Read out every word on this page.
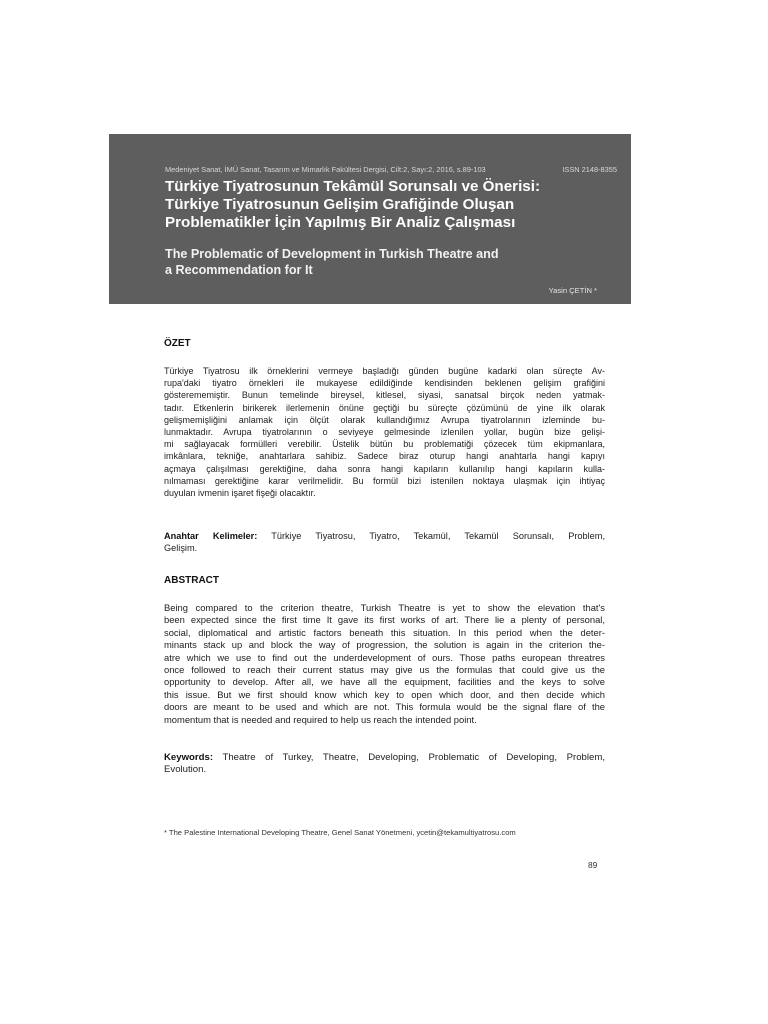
Medeniyet Sanat, İMÜ Sanat, Tasarım ve Mimarlık Fakültesi Dergisi, Cilt:2, Sayı:2, 2016, s.89-103	ISSN 2148-8355
Türkiye Tiyatrosunun Tekâmül Sorunsalı ve Önerisi:
Türkiye Tiyatrosunun Gelişim Grafiğinde Oluşan
Problematikler İçin Yapılmış Bir Analiz Çalışması
The Problematic of Development in Turkish Theatre and
a Recommendation for It
Yasin ÇETİN *
ÖZET

Türkiye Tiyatrosu ilk örneklerini vermeye başladığı günden bugüne kadarki olan süreçte Av-
rupa'daki tiyatro örnekleri ile mukayese edildiğinde kendisinden beklenen gelişim grafiğini
gösterememiştir. Bunun temelinde bireysel, kitlesel, siyasi, sanatsal birçok neden yatmak-
tadır. Etkenlerin birikerek ilerlemenin önüne geçtiği bu süreçte çözümünü de yine ilk olarak
gelişmemişliğini anlamak için ölçüt olarak kullandığımız Avrupa tiyatrolarının izleminde bu-
lunmaktadır. Avrupa tiyatrolarının o seviyeye gelmesinde izlenilen yollar, bugün bize gelişi-
mi sağlayacak formülleri verebilir. Üstelik bütün bu problematiği çözecek tüm ekipmanlara,
imkânlara, tekniğe, anahtarlara sahibiz. Sadece biraz oturup hangi anahtarla hangi kapıyı
açmaya çalışılması gerektiğine, daha sonra hangi kapıların kullanılıp hangi kapıların kulla-
nılmaması gerektiğine karar verilmelidir. Bu formül bizi istenilen noktaya ulaşmak için ihtiyaç
duyulan ivmenin işaret fişeği olacaktır.

Anahtar Kelimeler: Türkiye Tiyatrosu, Tiyatro, Tekamül, Tekamül Sorunsalı, Problem,
Gelişim.

ABSTRACT

Being compared to the criterion theatre, Turkish Theatre is yet to show the elevation that's
been expected since the first time It gave its first works of art. There lie a plenty of personal,
social, diplomatical and artistic factors beneath this situation. In this period when the deter-
minants stack up and block the way of progression, the solution is again in the criterion the-
atre which we use to find out the underdevelopment of ours. Those paths european threatres
once followed to reach their current status may give us the formulas that could give us the
opportunity to develop. After all, we have all the equipment, facilities and the keys to solve
this issue. But we first should know which key to open which door, and then decide which
doors are meant to be used and which are not. This formula would be the signal flare of the
momentum that is needed and required to help us reach the intended point.

Keywords: Theatre of Turkey, Theatre, Developing, Problematic of Developing, Problem,
Evolution.

* The Palestine International Developing Theatre, Genel Sanat Yönetmeni, ycetin@tekamultiyatrosu.com

89
